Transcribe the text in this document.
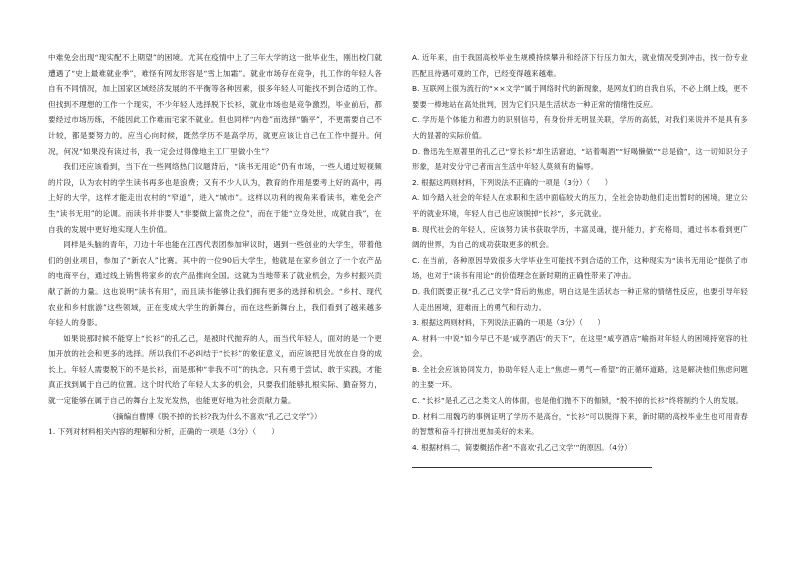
中难免会出现“现实配不上期望”的困境。尤其在疫情中上了三年大学的这一批毕业生，刚出校门就遭遇了“史上最难就业季”，难怪有网友形容是“雪上加霜”。就业市场存在竞争，扎工作的年轻人各自有不同情况，加上国家区域经济发展的不平衡等各种因素，很多年轻人可能找不到合适的工作。但找到不理想的工作一个现实，不少年轻人选择脱下长衫，就业市场也是竞争激烈，毕业前后，都要经过市场历练，不能因此工作难而宅家不就业。但也同样“内卷”而选择“躺平”，不更需要自己不计较，都是要努力的。应当心向时候，既然学历不是高学历，就更应该让自己在工作中提升。何况，何况“如果没有读过书，我一定会过得像地主工厂里做小生”？

我们还应该看到，当下在一些网络热门议题背后，“读书无用论”仍有市场，一些人通过短视频的片段，认为农村的学生读书再多也是浪费；又有不少人认为，教育的作用是要考上好的高中，再上好的大学，这样才能走出农村的“窄道”，进入“城市”。这样以功利的视角来看读书，难免会产生“读书无用”的论调。而读书并非要人“非要做上富贵之位”，而在于能“立身处世，成就自我”，在自我的发展中更好地实现人生价值。

同样是头脑的青年，刀边十年也能在江西代表团参加审议时，遇到一些创业的大学生，带着他们的创业项目，参加了“新农人”比赛。其中的一位90后大学生，他就是在家乡创立了一个农产品的电商平台，通过线上销售将家乡的农产品推向全国。这就为当地带来了就业机会，为乡村振兴贡献了新的力量。这也说明“读书有用”，而且读书能够让我们拥有更多的选择和机会。“乡村、现代农业和乡村旅游”这些领域，正在变成大学生的新舞台，而在这些新舞台上，我们看到了越来越多年轻人的身影。

如果说那时候不能穿上“长衫”的孔乙己，是被时代抛弃的人，而当代年轻人，面对的是一个更加开放的社会和更多的选择。所以我们不必纠结于“长衫”的象征意义，而应该把目光放在自身的成长上。年轻人需要脱下的不是长衫，而是那种“非我不可”的执念。只有勇于尝试、敢于实践，才能真正找到属于自己的位置。这个时代给了年轻人太多的机会，只要我们能够扎根实际、勤奋努力，就一定能够在属于自己的舞台上发光发热，也能更好地为社会贡献力量。

（摘编自曹博《脱不掉的长衫?我为什么不喜欢“孔乙己文学”》）

1. 下列对材料相关内容的理解和分析，正确的一项是（3分）（　　）

A. 近年来，由于我国高校毕业生规模持续攀升和经济下行压力加大，就业情况受到冲击，找一份专业匹配且待遇可观的工作，已经变得越来越难。

B. 互联网上很为流行的“××文学”属于网络时代的新现象，是网友们的自我自乐，不必上纲上线，更不要要一棒地站在高处批判，因为它们只是生活状态一种正常的情绪性反应。

C. 学历是个体能力和潜力的识别信号，有身份并无明显关联，学历的高低，对我们来说并不是具有多大的显著的实际价值。

D. 鲁迅先生原著里的孔乙己“穿长衫”却生活窘迫，“站着喝酒”“好喝懒做”“总是偷”，这一切知识分子形象，是对安分守己者而言生活中年轻人莫须有的偏辱。

2. 根据这两则材料，下列说法不正确的一项是（3分）（　　）

A. 如今踏入社会的年轻人在求职和生活中面临较大的压力，全社会协助他们走出暂时的困境，建立公平的就业环境，年轻人自己也应该脱掉“长衫”，多元就业。

B. 现代社会的年轻人，应该努力读书获取学历，丰富灵魂，提升能力，扩充格局，通过书本看到更广阔的世界，为自己的成功获取更多的机会。

C. 在当前，各种原因导致很多大学毕业生可能找不到合适的工作，这种现实为“读书无用论”提供了市场，也对于“读书有用论”的价值理念在新时期的正确性带来了冲击。

D. 我们既要正视“孔乙己文学”背后的焦虑，明白这是生活状态一种正常的情绪性反应，也要引导年轻人走出困境，迎难而上的勇气和行动力。

3. 根据这两则材料，下列说法正确的一项是（3分）（　　）

A. 材料一中说“如今早已不是‘咸亨酒店’的天下”，在这里“咸亨酒店”喻指对年轻人的困境持宽容的社会。

B. 全社会应该协同发力，协助年轻人走上“焦虑—勇气—希望”的正循环道路，这是解决他们焦虑问题的主要一环。

C. “长衫”是孔乙己之类文人的体面，也是他们抛不下的伽锁，“脱不掉的长衫”终将制约个人的发展。

D. 材料二用魏巧的事例证明了学历不是高台，“长衫”可以脱得下来，新时期的高校毕业生也可用青春的智慧和奋斗打拼出更加美好的未来。

4. 根据材料二，简要概括作者“不喜欢‘孔乙己文学’”的原因。（4分）
